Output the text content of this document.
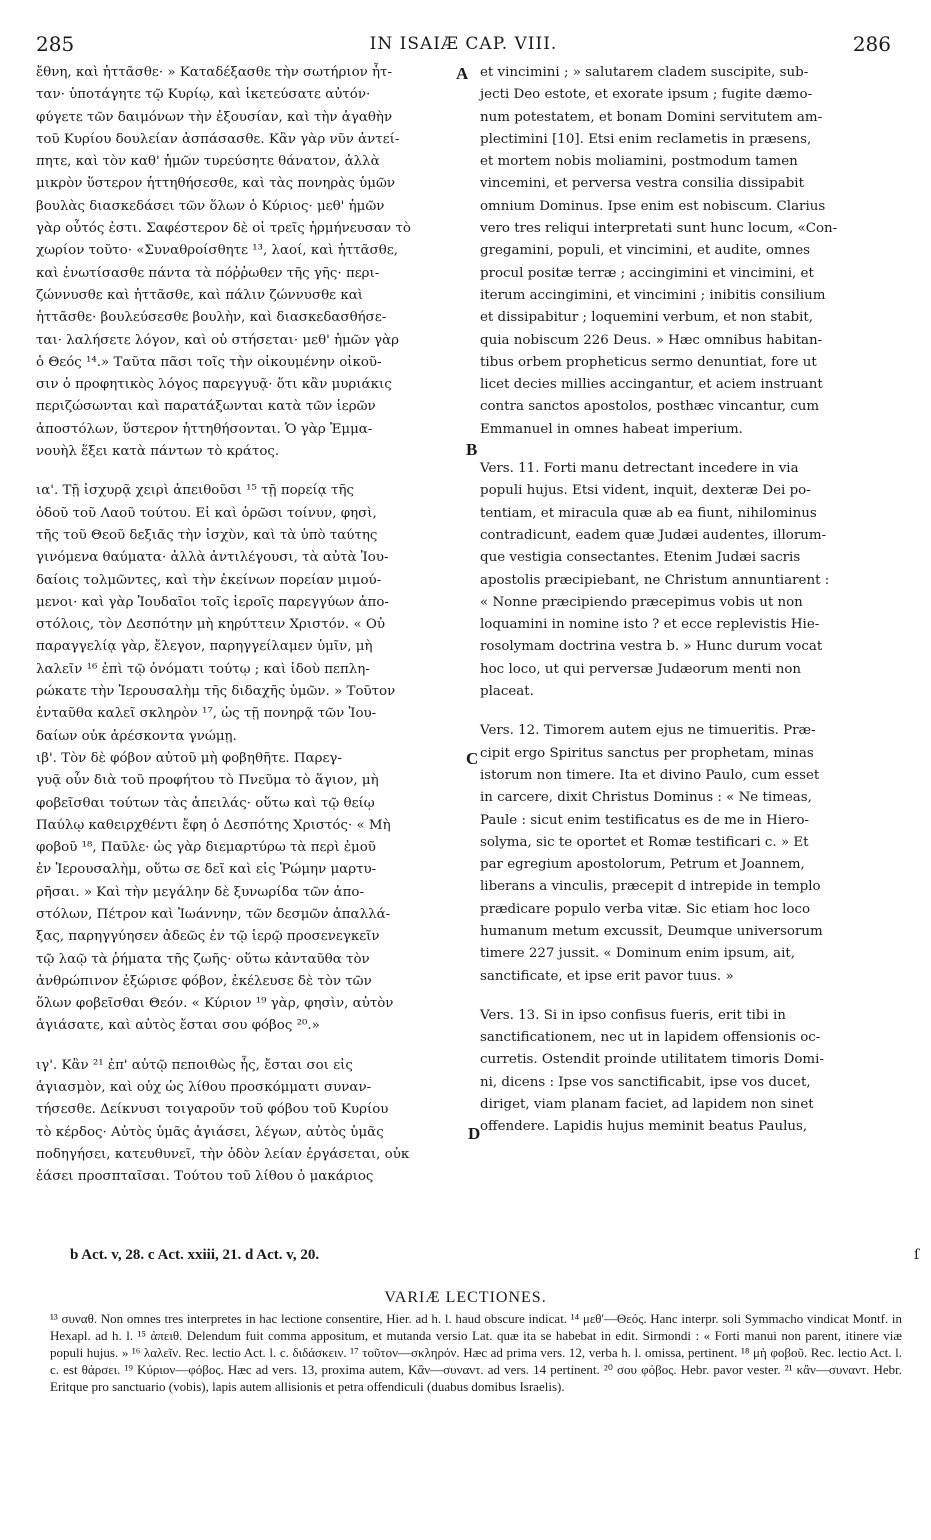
285	IN ISAIÆ CAP. VIII.	286

ἔθνη, καὶ ἡττᾶσθε· » Καταδέξασθε τὴν σωτήριον ἧτ-

ταν· ὑποτάγητε τῷ Κυρίῳ, καὶ ἱκετεύσατε αὐτόν·

φύγετε τῶν δαιμόνων τὴν ἐξουσίαν, καὶ τὴν ἀγαθὴν

τοῦ Κυρίου δουλείαν ἀσπάσασθε. Κἂν γὰρ νῦν ἀντεί-

πητε, καὶ τὸν καθ' ἡμῶν τυρεύσητε θάνατον, ἀλλὰ

μικρὸν ὕστερον ἡττηθήσεσθε, καὶ τὰς πονηρὰς ὑμῶν

βουλὰς διασκεδάσει τῶν ὅλων ὁ Κύριος· μεθ' ἡμῶν

γὰρ οὗτός ἐστι. Σαφέστερον δὲ οἱ τρεῖς ἡρμήνευσαν τὸ

χωρίον τοῦτο· «Συναθροίσθητε ¹³, λαοί, καὶ ἡττᾶσθε,

καὶ ἐνωτίσασθε πάντα τὰ πόῤῥωθεν τῆς γῆς· περι-

ζώννυσθε καὶ ἡττᾶσθε, καὶ πάλιν ζώννυσθε καὶ

ἡττᾶσθε· βουλεύσεσθε βουλὴν, καὶ διασκεδασθήσε-

ται· λαλήσετε λόγον, καὶ οὐ στήσεται· μεθ' ἡμῶν γὰρ

ὁ Θεός ¹⁴.» Ταῦτα πᾶσι τοῖς τὴν οἰκουμένην οἰκοῦ-

σιν ὁ προφητικὸς λόγος παρεγγυᾷ· ὅτι κἂν μυριάκις

περιζώσωνται καὶ παρατάξωνται κατὰ τῶν ἱερῶν

ἀποστόλων, ὕστερον ἡττηθήσονται. Ὁ γὰρ Ἐμμα-

νουὴλ ἕξει κατὰ πάντων τὸ κράτος.

ια'. Τῇ ἰσχυρᾷ χειρὶ ἀπειθοῦσι ¹⁵ τῇ πορείᾳ τῆς

ὁδοῦ τοῦ Λαοῦ τούτου. Εἰ καὶ ὁρῶσι τοίνυν, φησὶ,

τῆς τοῦ Θεοῦ δεξιᾶς τὴν ἰσχὺν, καὶ τὰ ὑπὸ ταύτης

γινόμενα θαύματα· ἀλλὰ ἀντιλέγουσι, τὰ αὐτὰ Ἰου-

δαίοις τολμῶντες, καὶ τὴν ἐκείνων πορείαν μιμού-

μενοι· καὶ γὰρ Ἰουδαῖοι τοῖς ἱεροῖς παρεγγύων ἀπο-

στόλοις, τὸν Δεσπότην μὴ κηρύττειν Χριστόν. « Οὐ

παραγγελίᾳ γὰρ, ἔλεγον, παρηγγείλαμεν ὑμῖν, μὴ

λαλεῖν ¹⁶ ἐπὶ τῷ ὀνόματι τούτῳ ; καὶ ἰδοὺ πεπλη-

ρώκατε τὴν Ἱερουσαλὴμ τῆς διδαχῆς ὑμῶν. » Τοῦτον

ἐνταῦθα καλεῖ σκληρὸν ¹⁷, ὡς τῇ πονηρᾷ τῶν Ἰου-

δαίων οὐκ ἀρέσκοντα γνώμῃ.

ιβ'. Τὸν δὲ φόβον αὐτοῦ μὴ φοβηθῆτε. Παρεγ-

γυᾷ οὖν διὰ τοῦ προφήτου τὸ Πνεῦμα τὸ ἅγιον, μὴ

φοβεῖσθαι τούτων τὰς ἀπειλάς· οὕτω καὶ τῷ θείῳ

Παύλῳ καθειρχθέντι ἔφη ὁ Δεσπότης Χριστός· « Μὴ

φοβοῦ ¹⁸, Παῦλε· ὡς γὰρ διεμαρτύρω τὰ περὶ ἐμοῦ

ἐν Ἱερουσαλὴμ, οὕτω σε δεῖ καὶ εἰς Ῥώμην μαρτυ-

ρῆσαι. » Καὶ τὴν μεγάλην δὲ ξυνωρίδα τῶν ἀπο-

στόλων, Πέτρον καὶ Ἰωάννην, τῶν δεσμῶν ἀπαλλά-

ξας, παρηγγύησεν ἀδεῶς ἐν τῷ ἱερῷ προσενεγκεῖν

τῷ λαῷ τὰ ῥήματα τῆς ζωῆς· οὕτω κἀνταῦθα τὸν

ἀνθρώπινον ἐξώρισε φόβον, ἐκέλευσε δὲ τὸν τῶν

ὅλων φοβεῖσθαι Θεόν. « Κύριον ¹⁹ γὰρ, φησὶν, αὐτὸν

ἁγιάσατε, καὶ αὐτὸς ἔσται σου φόβος ²⁰.»

ιγ'. Κἂν ²¹ ἐπ' αὐτῷ πεποιθὼς ἧς, ἔσται σοι εἰς

ἁγιασμὸν, καὶ οὐχ ὡς λίθου προσκόμματι συναν-

τήσεσθε. Δείκνυσι τοιγαροῦν τοῦ φόβου τοῦ Κυρίου

τὸ κέρδος· Αὐτὸς ὑμᾶς ἁγιάσει, λέγων, αὐτὸς ὑμᾶς

ποδηγήσει, κατευθυνεῖ, τὴν ὁδὸν λείαν ἐργάσεται, οὐκ

ἐάσει προσπταῖσαι. Τούτου τοῦ λίθου ὁ μακάριος

et vincimini ; » salutarem cladem suscipite, sub-

jecti Deo estote, et exorate ipsum ; fugite dæmo-

num potestatem, et bonam Domini servitutem am-

plectimini [10]. Etsi enim reclametis in præsens,

et mortem nobis moliamini, postmodum tamen

vincemini, et perversa vestra consilia dissipabit

omnium Dominus. Ipse enim est nobiscum. Clarius

vero tres reliqui interpretati sunt hunc locum, «Con-

gregamini, populi, et vincimini, et audite, omnes

procul positæ terræ ; accingimini et vincimini, et

iterum accingimini, et vincimini ; inibitis consilium

et dissipabitur ; loquemini verbum, et non stabit,

quia nobiscum 226 Deus. » Hæc omnibus habitan-

tibus orbem propheticus sermo denuntiat, fore ut

licet decies millies accingantur, et aciem instruant

contra sanctos apostolos, posthæc vincantur, cum

Emmanuel in omnes habeat imperium.

Vers. 11. Forti manu detrectant incedere in via

populi hujus. Etsi vident, inquit, dexteræ Dei po-

tentiam, et miracula quæ ab ea fiunt, nihilominus

contradicunt, eadem quæ Judæi audentes, illorum-

que vestigia consectantes. Etenim Judæi sacris

apostolis præcipiebant, ne Christum annuntiarent :

« Nonne præcipiendo præcepimus vobis ut non

loquamini in nomine isto ? et ecce replevistis Hie-

rosolymam doctrina vestra b. » Hunc durum vocat

hoc loco, ut qui perversæ Judæorum menti non

placeat.

Vers. 12. Timorem autem ejus ne timueritis. Præ-

cipit ergo Spiritus sanctus per prophetam, minas

istorum non timere. Ita et divino Paulo, cum esset

in carcere, dixit Christus Dominus : « Ne timeas,

Paule : sicut enim testificatus es de me in Hiero-

solyma, sic te oportet et Romæ testificari c. » Et

par egregium apostolorum, Petrum et Joannem,

liberans a vinculis, præcepit d intrepide in templo

prædicare populo verba vitæ. Sic etiam hoc loco

humanum metum excussit, Deumque universorum

timere 227 jussit. « Dominum enim ipsum, ait,

sanctificate, et ipse erit pavor tuus. »

Vers. 13. Si in ipso confisus fueris, erit tibi in

sanctificationem, nec ut in lapidem offensionis oc-

curretis. Ostendit proinde utilitatem timoris Domi-

ni, dicens : Ipse vos sanctificabit, ipse vos ducet,

diriget, viam planam faciet, ad lapidem non sinet

offendere. Lapidis hujus meminit beatus Paulus,

A
B
C
D
b Act. v, 28. c Act. xxiii, 21. d Act. v, 20.	ſ
VARIÆ LECTIONES.
¹³ συναθ. Non omnes tres interpretes in hac lectione consentire, Hier. ad h. l. haud obscure indicat. ¹⁴ μεθ'—Θεός. Hanc interpr. soli Symmacho vindicat Montf. in Hexapl. ad h. l. ¹⁵ ἀπειθ. Delendum fuit comma appositum, et mutanda versio Lat. quæ ita se habebat in edit. Sirmondi : « Forti manui non parent, itinere viæ populi hujus. » ¹⁶ λαλεῖν. Rec. lectio Act. l. c. διδάσκειν. ¹⁷ τοῦτον—σκληρόν. Hæc ad prima vers. 12, verba h. l. omissa, pertinent. ¹⁸ μὴ φοβοῦ. Rec. lectio Act. l. c. est θάρσει. ¹⁹ Κύριον—φόβος. Hæc ad vers. 13, proxima autem, Κἂν—συναντ. ad vers. 14 pertinent. ²⁰ σου φόβος. Hebr. pavor vester. ²¹ κἂν—συναντ. Hebr. Eritque pro sanctuario (vobis), lapis autem allisionis et petra offendiculi (duabus domibus Israelis).
